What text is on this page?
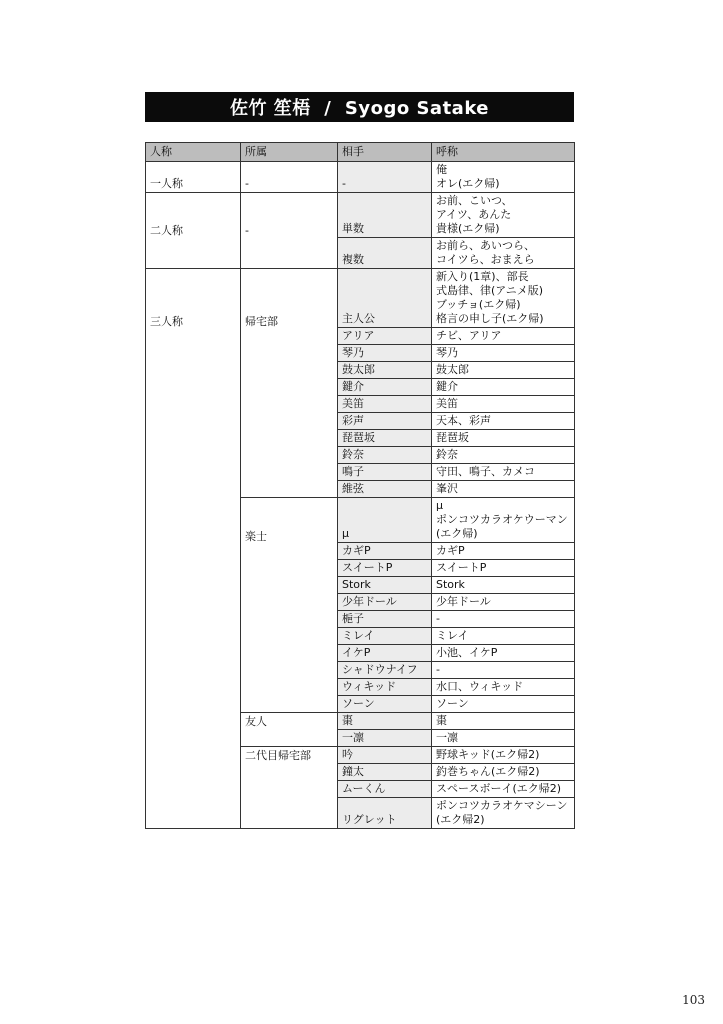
佐竹 笙梧  /  Syogo Satake
人称	所属	相手	呼称
一人称	-	-	俺
オレ(エク帰)

二人称	-	単数	お前、こいつ、
アイツ、あんた
貴様(エク帰)

		複数	お前ら、あいつら、
コイツら、おまえら

三人称	帰宅部	主人公	新入り(1章)、部長
式島律、律(アニメ版)
ブッチョ(エク帰)
格言の申し子(エク帰)

		アリア	チビ、アリア

		琴乃	琴乃

		鼓太郎	鼓太郎

		鍵介	鍵介

		美笛	美笛

		彩声	天本、彩声

		琵琶坂	琵琶坂

		鈴奈	鈴奈

		鳴子	守田、鳴子、カメコ

		維弦	峯沢

	楽士	μ	μ
ポンコツカラオケウーマン
(エク帰)

		カギP	カギP

		スイートP	スイートP

		Stork	Stork

		少年ドール	少年ドール

		梔子	-

		ミレイ	ミレイ

		イケP	小池、イケP

		シャドウナイフ	-

		ウィキッド	水口、ウィキッド

		ソーン	ソーン

	友人	棗	棗

		一凛	一凛

	二代目帰宅部	吟	野球キッド(エク帰2)

		鐘太	釣巻ちゃん(エク帰2)

		ムーくん	スペースボーイ(エク帰2)

		リグレット	ポンコツカラオケマシーン
(エク帰2)
103
